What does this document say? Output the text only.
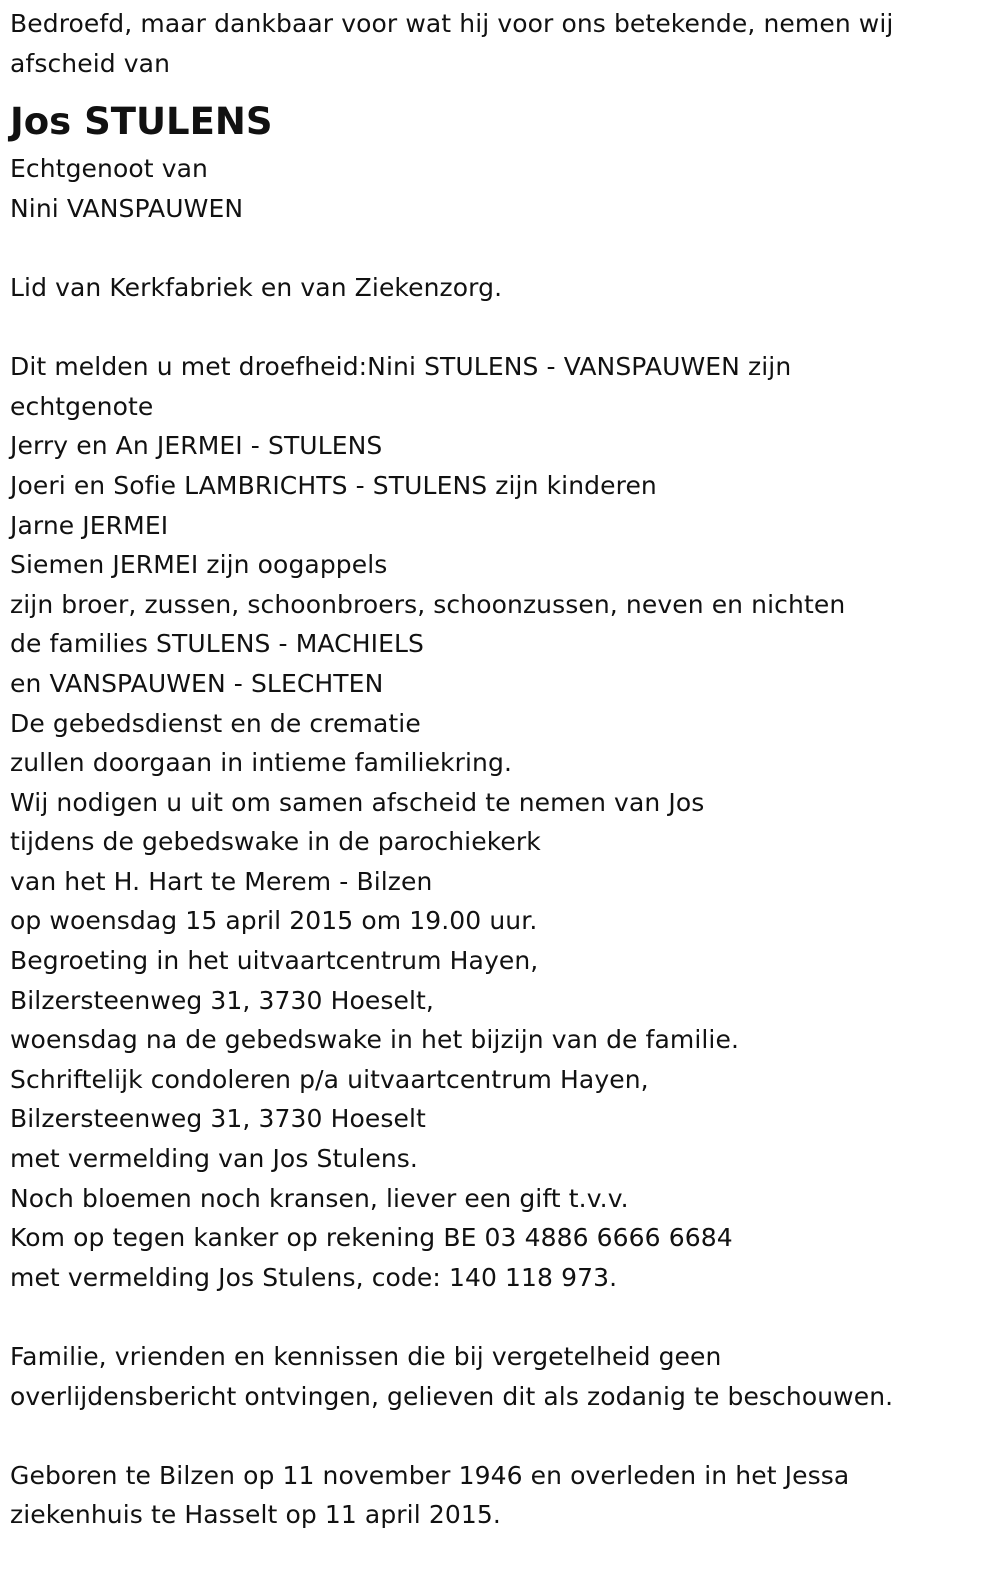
Bedroefd, maar dankbaar voor wat hij voor ons betekende, nemen wij
afscheid van
Jos STULENS
Echtgenoot van
Nini VANSPAUWEN
Lid van Kerkfabriek en van Ziekenzorg.
Dit melden u met droefheid:Nini STULENS - VANSPAUWEN zijn
echtgenote
Jerry en An JERMEI - STULENS
Joeri en Sofie LAMBRICHTS - STULENS zijn kinderen
Jarne JERMEI
Siemen JERMEI zijn oogappels
zijn broer, zussen, schoonbroers, schoonzussen, neven en nichten
de families STULENS - MACHIELS
en VANSPAUWEN - SLECHTEN
De gebedsdienst en de crematie
zullen doorgaan in intieme familiekring.
Wij nodigen u uit om samen afscheid te nemen van Jos
tijdens de gebedswake in de parochiekerk
van het H. Hart te Merem - Bilzen
op woensdag 15 april 2015 om 19.00 uur.
Begroeting in het uitvaartcentrum Hayen,
Bilzersteenweg 31, 3730 Hoeselt,
woensdag na de gebedswake in het bijzijn van de familie.
Schriftelijk condoleren p/a uitvaartcentrum Hayen,
Bilzersteenweg 31, 3730 Hoeselt
met vermelding van Jos Stulens.
Noch bloemen noch kransen, liever een gift t.v.v.
Kom op tegen kanker op rekening BE 03 4886 6666 6684
met vermelding Jos Stulens, code: 140 118 973.
Familie, vrienden en kennissen die bij vergetelheid geen
overlijdensbericht ontvingen, gelieven dit als zodanig te beschouwen.
Geboren te Bilzen op 11 november 1946 en overleden in het Jessa
ziekenhuis te Hasselt op 11 april 2015.
